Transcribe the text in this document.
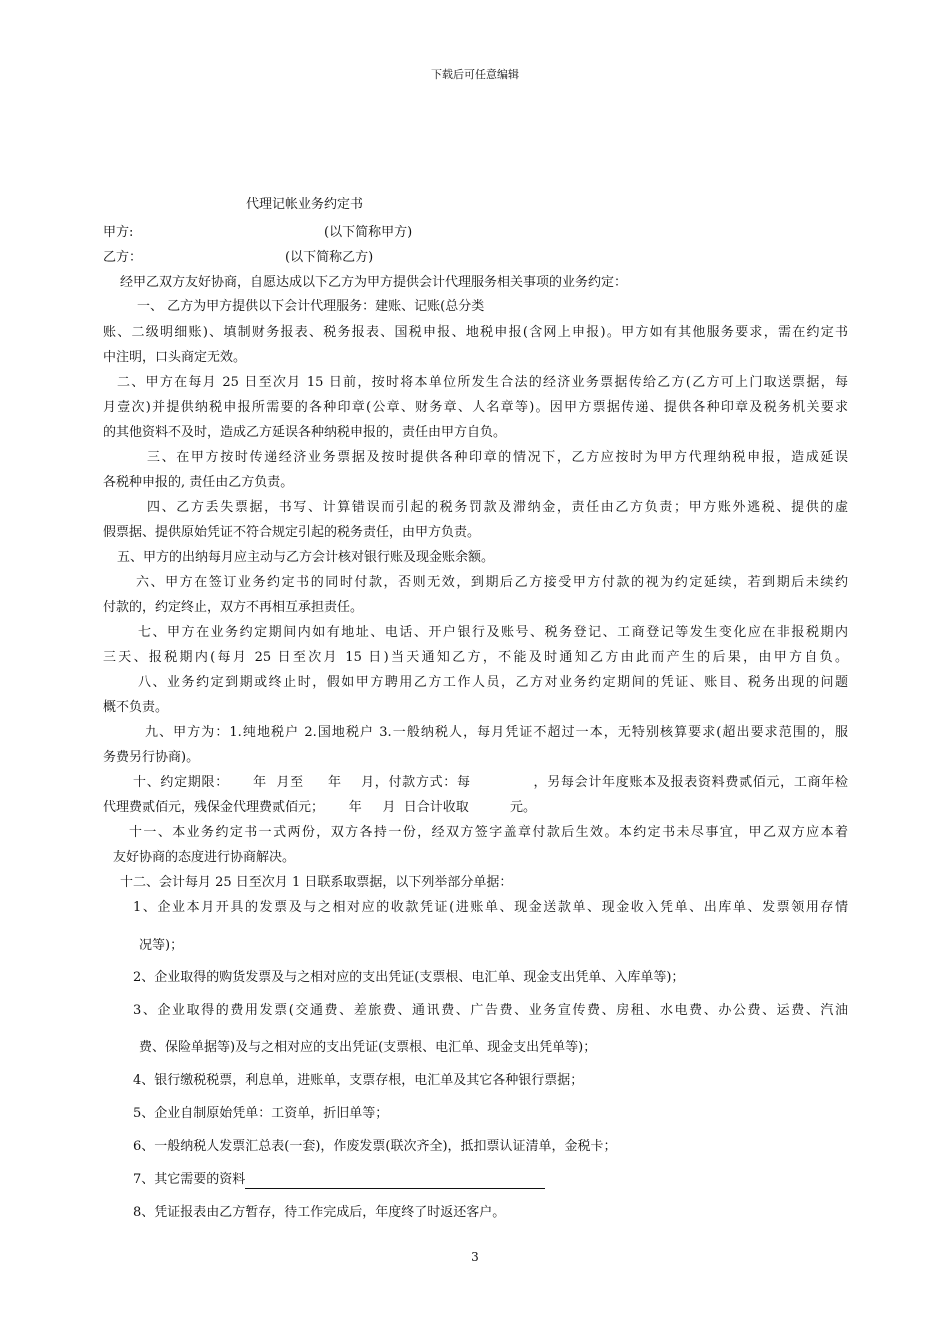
下载后可任意编辑
代理记帐业务约定书
甲方:	(以下简称甲方)
乙方：	(以下简称乙方)
经甲乙双方友好协商，自愿达成以下乙方为甲方提供会计代理服务相关事项的业务约定：
一、 乙方为甲方提供以下会计代理服务：建账、记账(总分类
账、二级明细账)、填制财务报表、税务报表、国税申报、地税申报(含网上申报)。甲方如有其他服务要求，需在约定书
中注明，口头商定无效。
二、甲方在每月 25 日至次月 15 日前，按时将本单位所发生合法的经济业务票据传给乙方(乙方可上门取送票据，每
月壹次)并提供纳税申报所需要的各种印章(公章、财务章、人名章等)。因甲方票据传递、提供各种印章及税务机关要求
的其他资料不及时，造成乙方延误各种纳税申报的，责任由甲方自负。
三、在甲方按时传递经济业务票据及按时提供各种印章的情况下，乙方应按时为甲方代理纳税申报，造成延误
各税种申报的, 责任由乙方负责。
四、乙方丢失票据，书写、计算错误而引起的税务罚款及滞纳金，责任由乙方负责；甲方账外逃税、提供的虚
假票据、提供原始凭证不符合规定引起的税务责任，由甲方负责。
五、甲方的出纳每月应主动与乙方会计核对银行账及现金账余额。
六、甲方在签订业务约定书的同时付款，否则无效，到期后乙方接受甲方付款的视为约定延续，若到期后未续约
付款的，约定终止，双方不再相互承担责任。
七、甲方在业务约定期间内如有地址、电话、开户银行及账号、税务登记、工商登记等发生变化应在非报税期内
三天、报税期内(每月 25 日至次月 15 日)当天通知乙方，不能及时通知乙方由此而产生的后果，由甲方自负。
八、业务约定到期或终止时，假如甲方聘用乙方工作人员，乙方对业务约定期间的凭证、账目、税务出现的问题
概不负责。
九、甲方为：1.纯地税户 2.国地税户 3.一般纳税人，每月凭证不超过一本，无特别核算要求(超出要求范围的，服
务费另行协商)。
十、约定期限：     年  月至     年    月，付款方式：每             ，另每会计年度账本及报表资料费贰佰元，工商年检
代理费贰佰元，残保金代理费贰佰元；      年     月  日合计收取          元。
十一、本业务约定书一式两份，双方各持一份，经双方签字盖章付款后生效。本约定书未尽事宜，甲乙双方应本着
友好协商的态度进行协商解决。
十二、会计每月 25 日至次月 1 日联系取票据，以下列举部分单据：
1、企业本月开具的发票及与之相对应的收款凭证(进账单、现金送款单、现金收入凭单、出库单、发票领用存情
况等)；
2、企业取得的购货发票及与之相对应的支出凭证(支票根、电汇单、现金支出凭单、入库单等)；
3、企业取得的费用发票(交通费、差旅费、通讯费、广告费、业务宣传费、房租、水电费、办公费、运费、汽油
费、保险单据等)及与之相对应的支出凭证(支票根、电汇单、现金支出凭单等)；
4、银行缴税税票，利息单，进账单，支票存根，电汇单及其它各种银行票据；
5、企业自制原始凭单：工资单，折旧单等；
6、一般纳税人发票汇总表(一套)，作废发票(联次齐全)，抵扣票认证清单，金税卡；
7、其它需要的资料
8、凭证报表由乙方暂存，待工作完成后，年度终了时返还客户。
3
